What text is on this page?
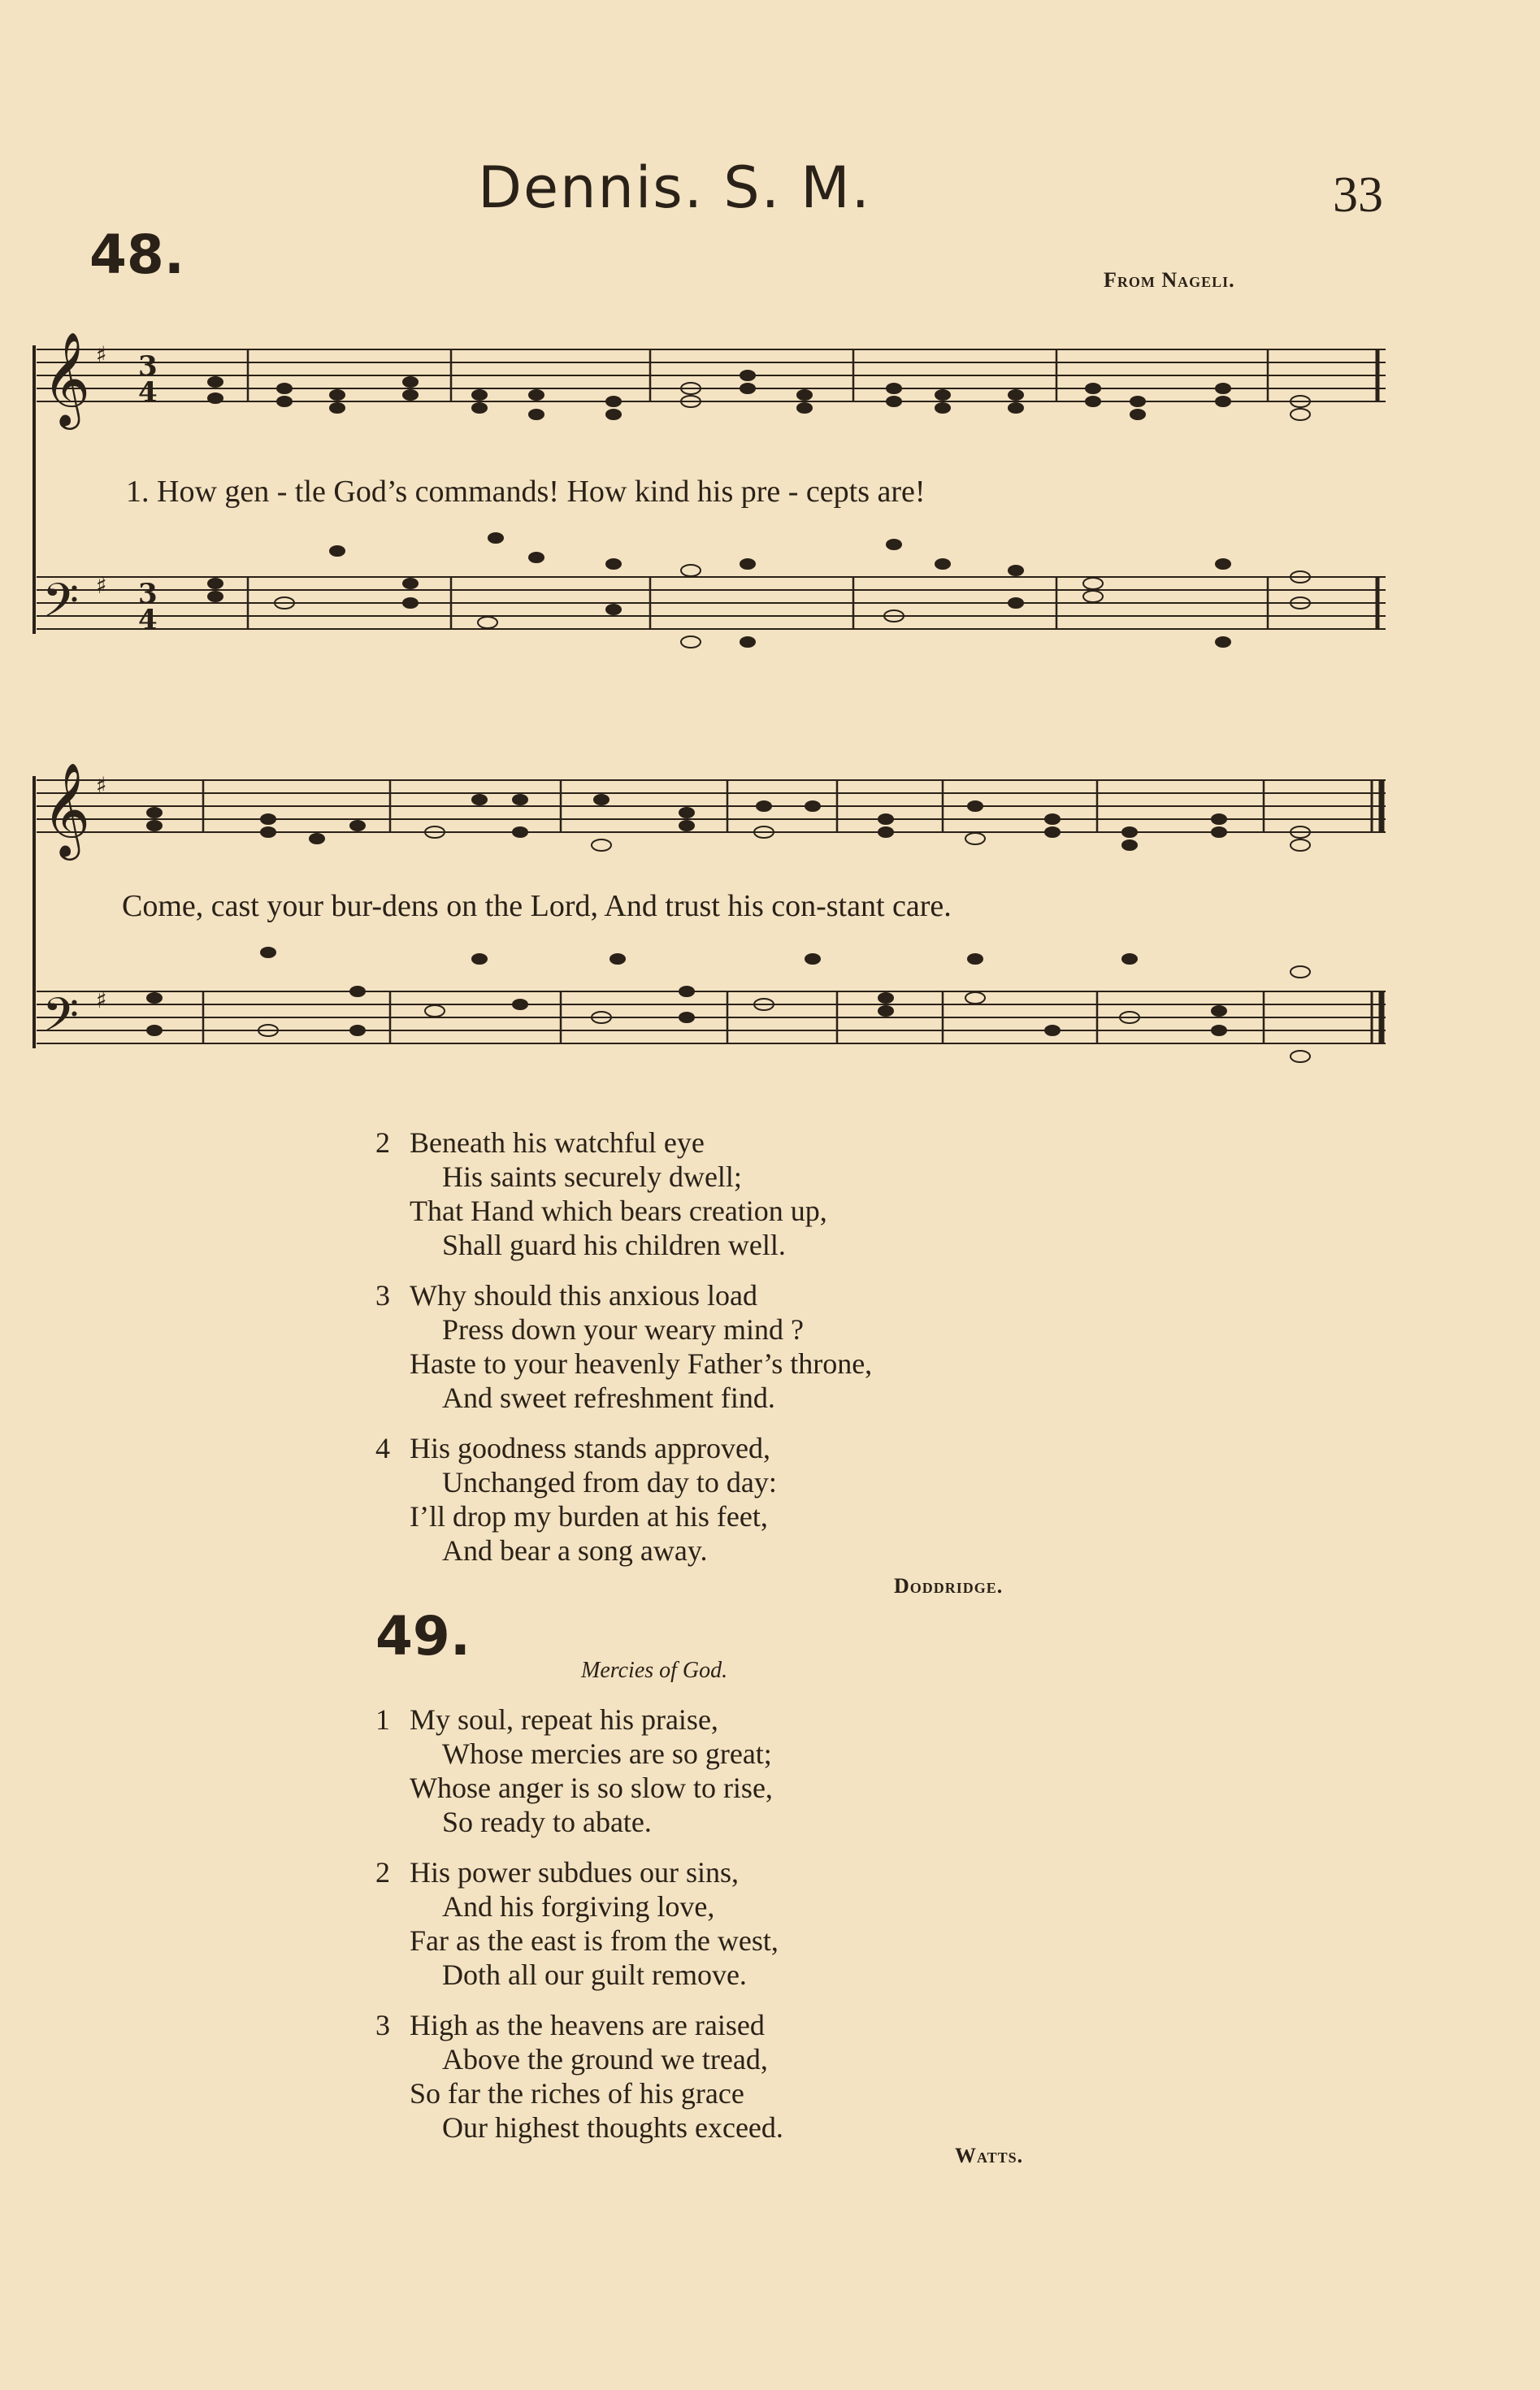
Dennis. S. M.	33
48.	From Nageli.
𝄞
𝄞
𝄢
𝄢
♯
♯
♯
♯
3
4
3
4
1. How gen - tle God’s commands! How kind his pre - cepts are!
Come, cast your bur-dens on the Lord, And trust his con-stant care.
2 Beneath his watchful eye
His saints securely dwell;
That Hand which bears creation up,
Shall guard his children well.
3 Why should this anxious load
Press down your weary mind ?
Haste to your heavenly Father’s throne,
And sweet refreshment find.
4 His goodness stands approved,
Unchanged from day to day:
I’ll drop my burden at his feet,
And bear a song away.
Doddridge.
49.
Mercies of God.
1 My soul, repeat his praise,
Whose mercies are so great;
Whose anger is so slow to rise,
So ready to abate.
2 His power subdues our sins,
And his forgiving love,
Far as the east is from the west,
Doth all our guilt remove.
3 High as the heavens are raised
Above the ground we tread,
So far the riches of his grace
Our highest thoughts exceed.
Watts.
